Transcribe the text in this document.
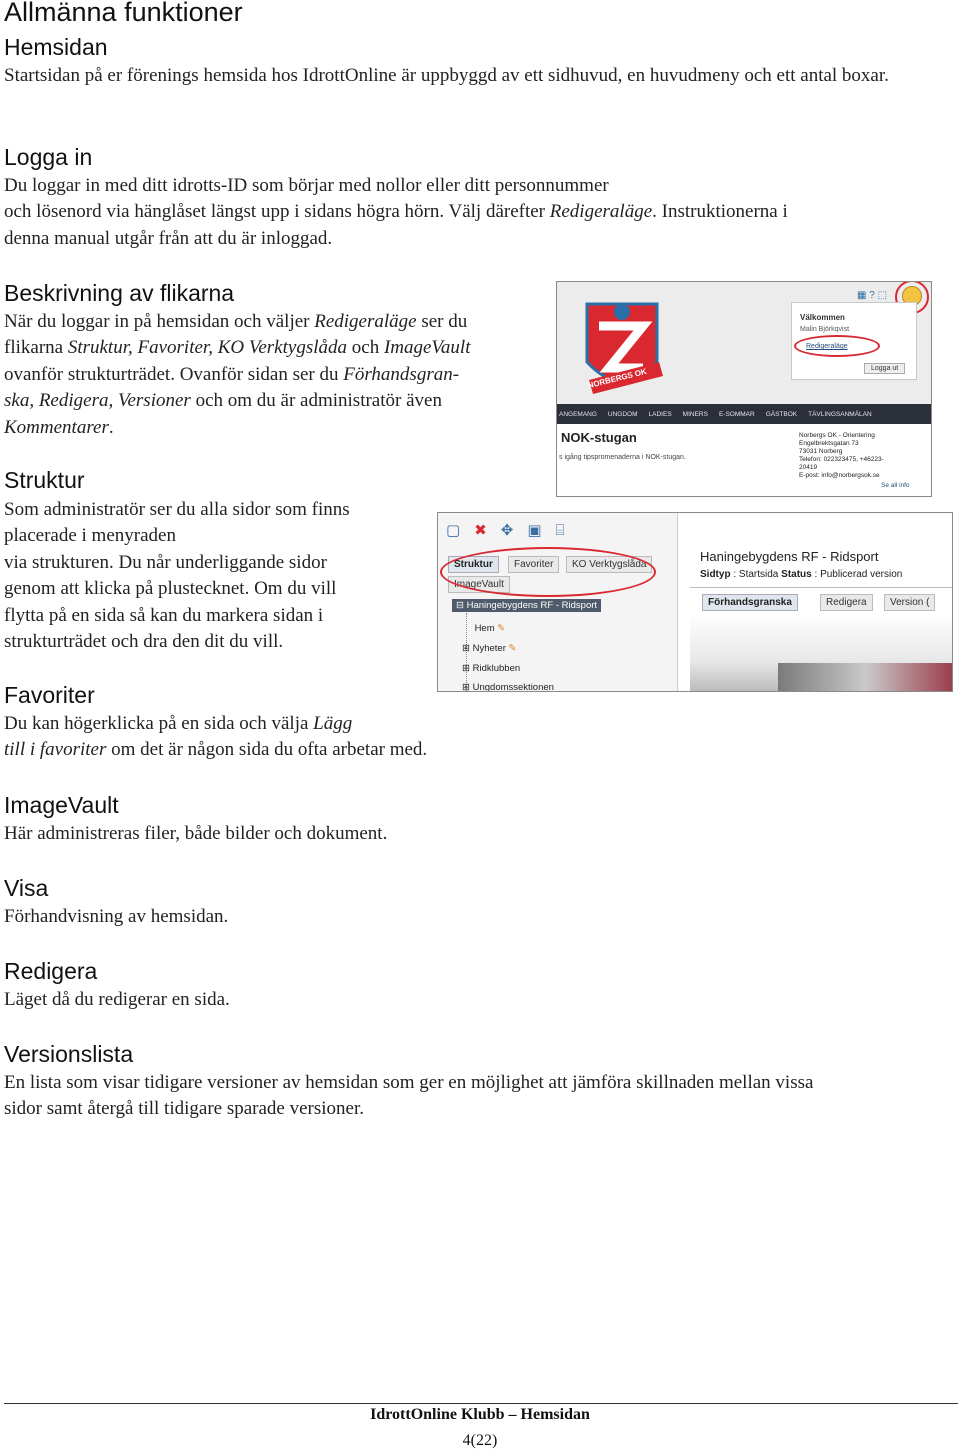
Allmänna funktioner
Hemsidan
Startsidan på er förenings hemsida hos IdrottOnline är uppbyggd av ett sidhuvud, en huvudmeny och ett antal boxar.
Logga in
Du loggar in med ditt idrotts-ID som börjar med nollor eller ditt personnummer
och lösenord via hänglåset längst upp i sidans högra hörn. Välj därefter Redigeraläge. Instruktionerna i
denna manual utgår från att du är inloggad.
Beskrivning av flikarna
När du loggar in på hemsidan och väljer Redigeraläge ser du
flikarna Struktur, Favoriter, KO Verktygslåda och ImageVault
ovanför strukturträdet. Ovanför sidan ser du Förhandsgran-
ska, Redigera, Versioner och om du är administratör även
Kommentarer.
Struktur
Som administratör ser du alla sidor som finns
placerade i menyraden
via strukturen. Du når underliggande sidor
genom att klicka på plustecknet. Om du vill
flytta på en sida så kan du markera sidan i
strukturträdet och dra den dit du vill.
Favoriter
Du kan högerklicka på en sida och välja Lägg
till i favoriter om det är någon sida du ofta arbetar med.
ImageVault
Här administreras filer, både bilder och dokument.
Visa
Förhandvisning av hemsidan.
Redigera
Läget då du redigerar en sida.
Versionslista
En lista som visar tidigare versioner av hemsidan som ger en möjlighet att jämföra skillnaden mellan vissa
sidor samt återgå till tidigare sparade versioner.
▦ ? ⬚
Välkommen
Malin Björkqvist
Redigeraläge
Logga ut
NORBERGS OK
ANGEMANG UNGDOM LADIES MINERS E-SOMMAR GÄSTBOK TÄVLINGSANMÄLAN
NOK-stugan
s igång tipspromenaderna i NOK-stugan.
Norbergs OK - Orientering
Engelbrektsgatan 73
73031 Norberg
Telefon: 022323475, +46223-
20419
E-post: info@norbergsok.se
Se all info
▢✖✥▣⌸
Struktur	Favoriter	KO Verktygslåda
ImageVault
⊟ Haningebygdens RF - Ridsport
Hem ✎
⊞ Nyheter ✎
⊞ Ridklubben
⊞ Ungdomssektionen
Haningebygdens RF - Ridsport
Sidtyp : Startsida Status : Publicerad version
Förhandsgranska	Redigera	Version (
IdrottOnline Klubb – Hemsidan
4(22)
